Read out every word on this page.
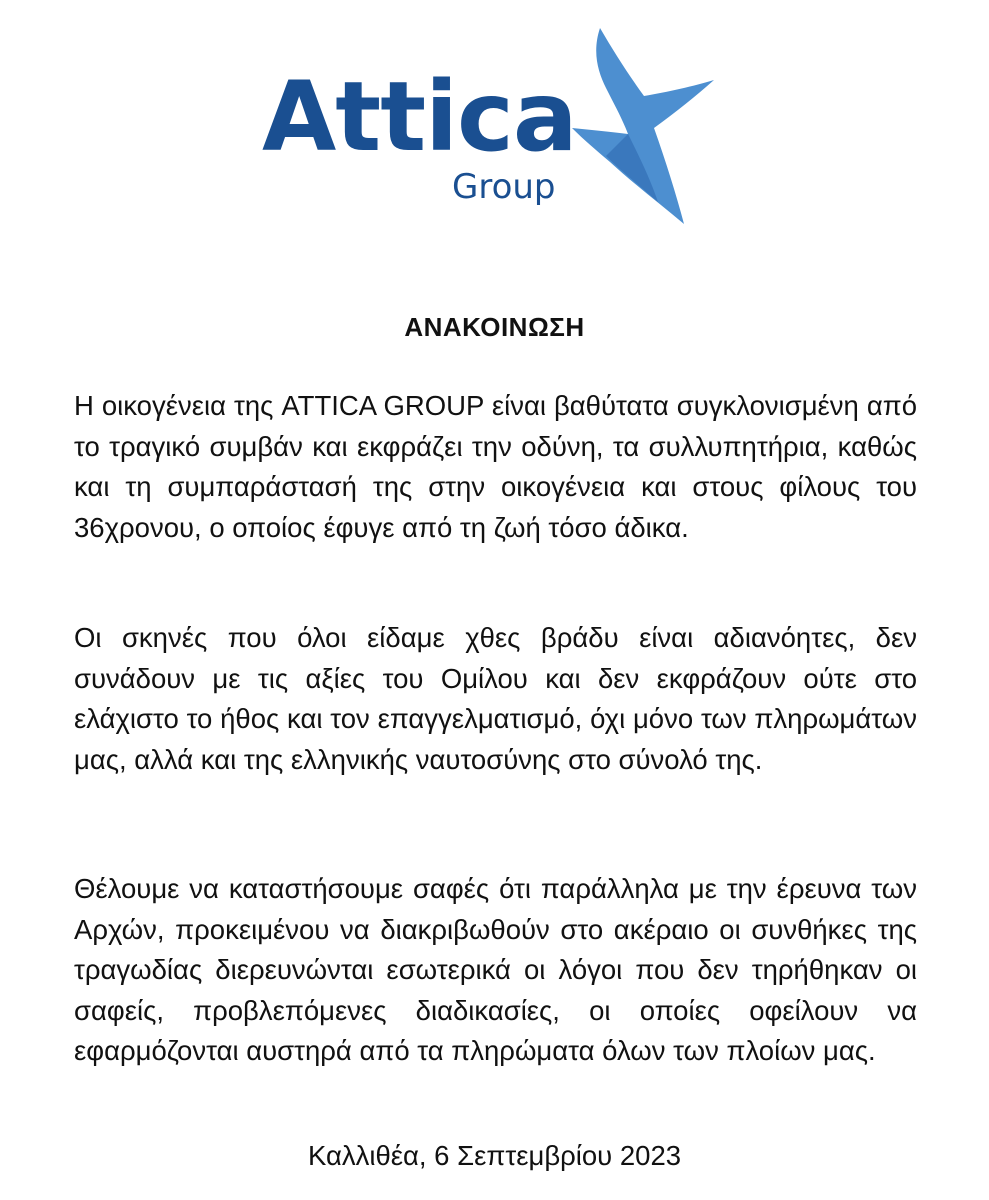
Attica
Group
ΑΝΑΚΟΙΝΩΣΗ

Η οικογένεια της ATTICA GROUP είναι βαθύτατα συγκλονισμένη από το τραγικό συμβάν και εκφράζει την οδύνη, τα συλλυπητήρια, καθώς και τη συμπαράστασή της στην οικογένεια και στους φίλους του 36χρονου, ο οποίος έφυγε από τη ζωή τόσο άδικα.

Οι σκηνές που όλοι είδαμε χθες βράδυ είναι αδιανόητες, δεν συνάδουν με τις αξίες του Ομίλου και δεν εκφράζουν ούτε στο ελάχιστο το ήθος και τον επαγγελματισμό, όχι μόνο των πληρωμάτων μας, αλλά και της ελληνικής ναυτοσύνης στο σύνολό της.

Θέλουμε να καταστήσουμε σαφές ότι παράλληλα με την έρευνα των Αρχών, προκειμένου να διακριβωθούν στο ακέραιο οι συνθήκες της τραγωδίας διερευνώνται εσωτερικά οι λόγοι που δεν τηρήθηκαν οι σαφείς, προβλεπόμενες διαδικασίες, οι οποίες οφείλουν να εφαρμόζονται αυστηρά από τα πληρώματα όλων των πλοίων μας.

Καλλιθέα, 6 Σεπτεμβρίου 2023
